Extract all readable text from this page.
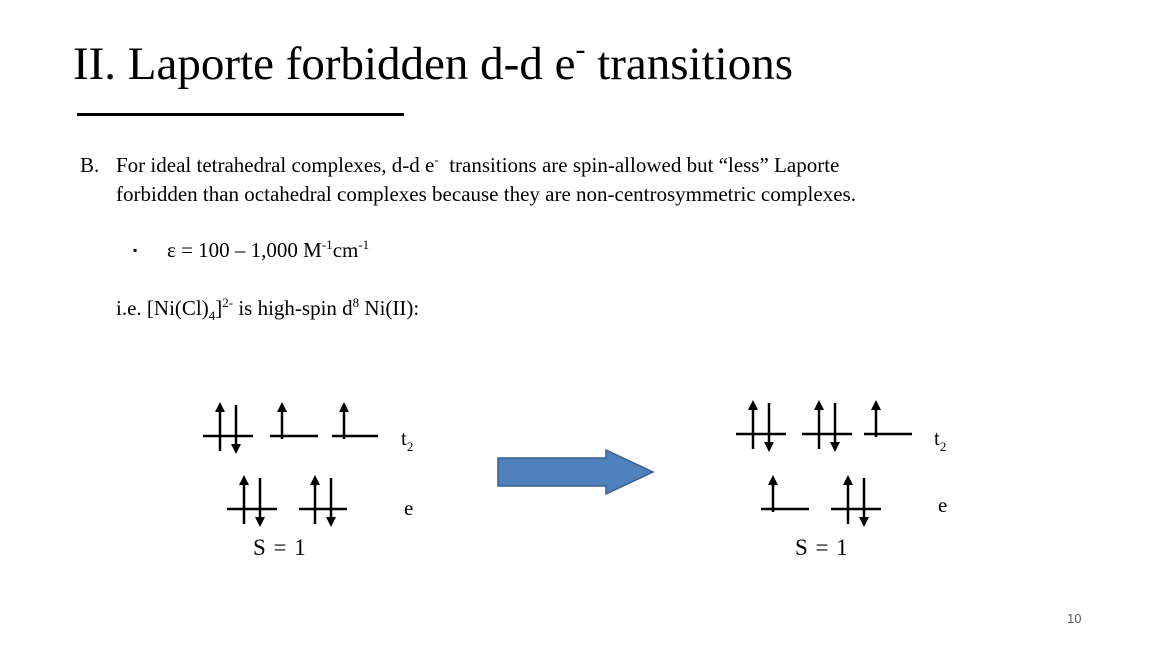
II. Laporte forbidden d-d e- transitions
B. For ideal tetrahedral complexes, d-d e-  transitions are spin-allowed but “less” Laporte
forbidden than octahedral complexes because they are non-centrosymmetric complexes.
▪ ε = 100 – 1,000 $M^{-1}cm^{-1}$
i.e. $[Ni(Cl)_4]^{2-}$ is high-spin $d^8$ Ni(II):
$t_2$
e
S = 1
$t_2$
e
S = 1
10
